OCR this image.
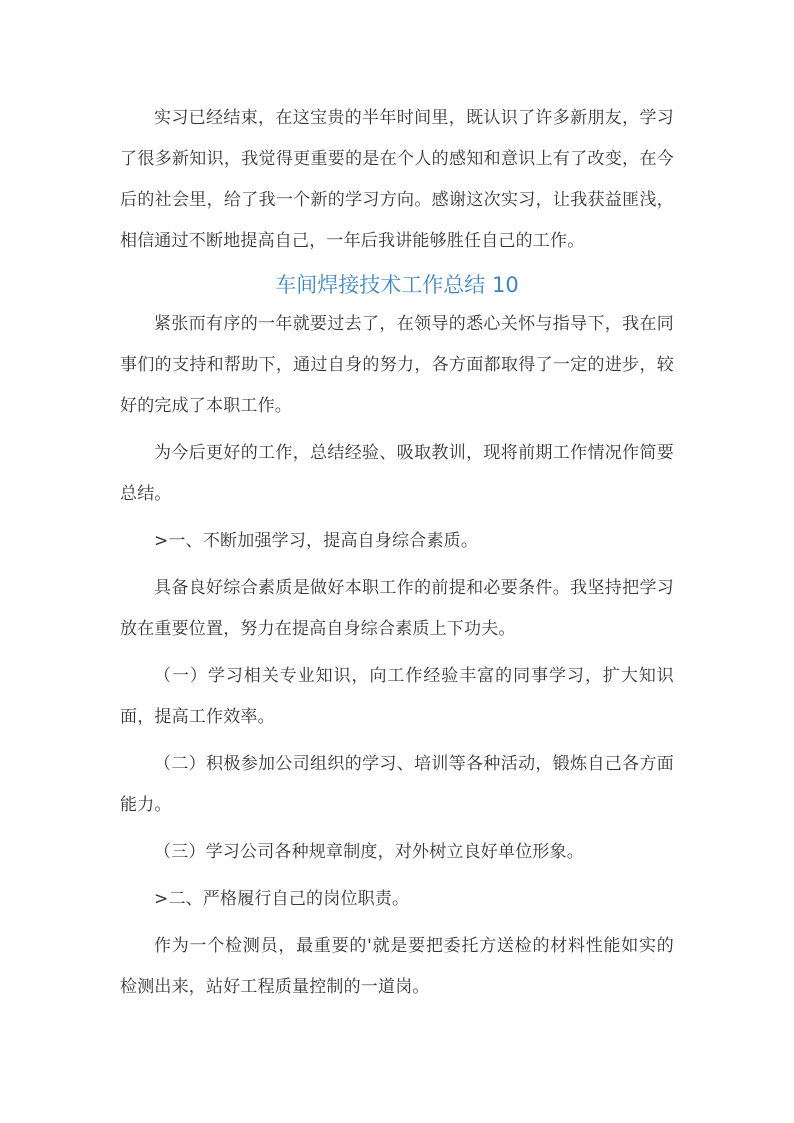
实习已经结束，在这宝贵的半年时间里，既认识了许多新朋友，学习了很多新知识，我觉得更重要的是在个人的感知和意识上有了改变，在今后的社会里，给了我一个新的学习方向。感谢这次实习，让我获益匪浅，相信通过不断地提高自己，一年后我讲能够胜任自己的工作。

车间焊接技术工作总结 10

紧张而有序的一年就要过去了，在领导的悉心关怀与指导下，我在同事们的支持和帮助下，通过自身的努力，各方面都取得了一定的进步，较好的完成了本职工作。

为今后更好的工作，总结经验、吸取教训，现将前期工作情况作简要总结。

>一、不断加强学习，提高自身综合素质。

具备良好综合素质是做好本职工作的前提和必要条件。我坚持把学习放在重要位置，努力在提高自身综合素质上下功夫。

（一）学习相关专业知识，向工作经验丰富的同事学习，扩大知识面，提高工作效率。

（二）积极参加公司组织的学习、培训等各种活动，锻炼自己各方面能力。

（三）学习公司各种规章制度，对外树立良好单位形象。

>二、严格履行自己的岗位职责。

作为一个检测员，最重要的'就是要把委托方送检的材料性能如实的检测出来，站好工程质量控制的一道岗。
